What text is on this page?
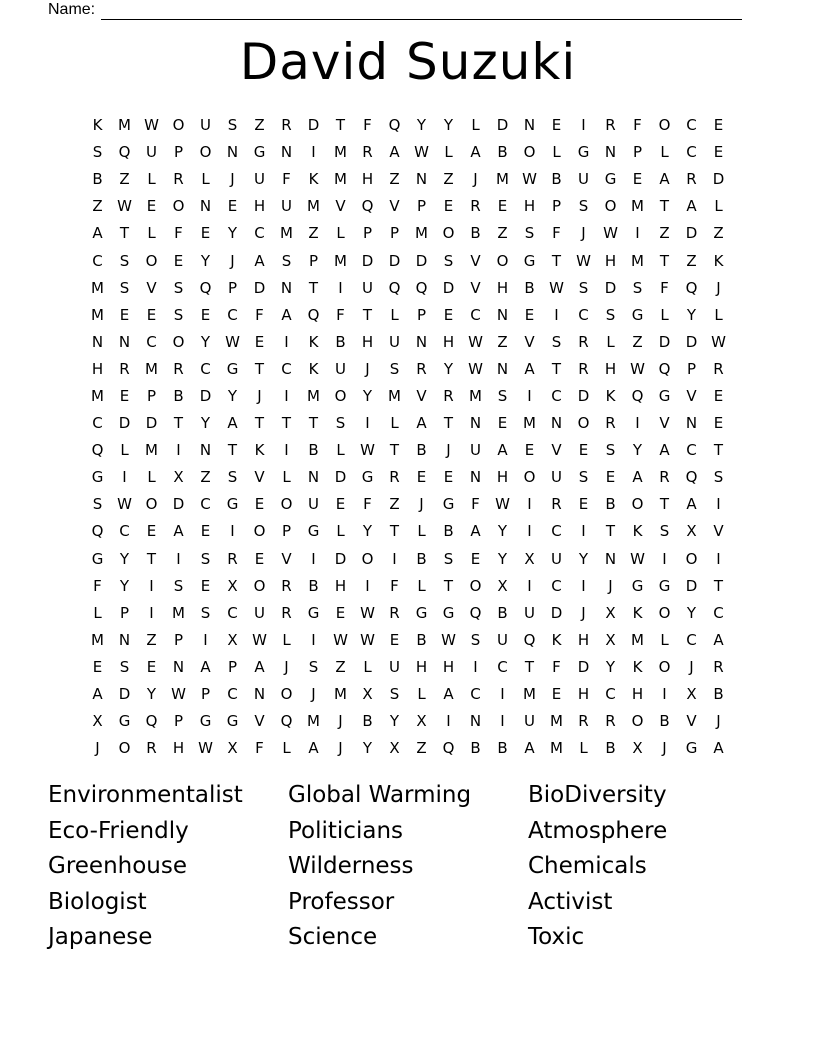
Name:
David Suzuki
K	M W O	U	S	Z	R	D	T	F	Q	Y	Y	L	D	N	E	I	R	F	O	C	E
S	Q	U	P	O	N	G	N	I	M	R	A W	L	A	B	O	L	G	N	P	L	C	E
B	Z	L	R	L	J	U	F	K	M H	Z	N	Z	J	M W B	U	G	E	A	R	D
Z W E	O	N	E	H	U	M	V	Q	V	P	E	R	E	H	P	S	O M	T	A	L
A	T	L	F	E	Y	C	M	Z	L	P	P	M O	B	Z	S	F	J	W	I	Z	D	Z
C	S	O	E	Y	J	A	S	P	M D	D	D	S	V	O	G	T	W H M	T	Z	K
M	S	V	S	Q	P	D	N	T	I	U	Q	Q	D	V	H	B W S	D	S	F	Q	J
M	E	E	S	E	C	F	A	Q	F	T	L	P	E	C	N	E	I	C	S	G	L	Y	L
N	N	C	O	Y	W E	I	K	B	H	U	N	H W Z	V	S	R	L	Z	D	D W
H	R	M	R	C	G	T	C	K	U	J	S	R	Y	W N	A	T	R	H W Q	P	R
M	E	P	B	D	Y	J	I	M O	Y	M	V	R	M	S	I	C	D	K	Q	G	V	E
C	D	D	T	Y	A	T	T	T	S	I	L	A	T	N	E	M N	O	R	I	V	N	E
Q	L	M	I	N	T	K	I	B	L	W T	B	J	U	A	E	V	E	S	Y	A	C	T
G	I	L	X	Z	S	V	L	N	D	G	R	E	E	N	H	O	U	S	E	A	R	Q	S
S W O	D	C	G	E	O	U	E	F	Z	J	G	F	W	I	R	E	B	O	T	A	I
Q	C	E	A	E	I	O	P	G	L	Y	T	L	B	A	Y	I	C	I	T	K	S	X	V
G	Y	T	I	S	R	E	V	I	D	O	I	B	S	E	Y	X	U	Y	N W	I	O	I
F	Y	I	S	E	X	O	R	B	H	I	F	L	T	O	X	I	C	I	J	G	G	D	T
L	P	I	M	S	C	U	R	G	E W R	G	G	Q	B	U	D	J	X	K	O	Y	C
M N	Z	P	I	X W	L	I	W W E	B W S	U	Q	K	H	X	M	L	C	A
E	S	E	N	A	P	A	J	S	Z	L	U	H	H	I	C	T	F	D	Y	K	O	J	R
A	D	Y	W	P	C	N	O	J	M	X	S	L	A	C	I	M	E	H	C	H	I	X	B
X	G	Q	P	G	G	V	Q M	J	B	Y	X	I	N	I	U	M	R	R	O	B	V	J
J	O	R	H W X	F	L	A	J	Y	X	Z	Q	B	B	A	M	L	B	X	J	G	A
Environmentalist	Global Warming	BioDiversity
Eco-Friendly	Politicians	Atmosphere
Greenhouse	Wilderness	Chemicals
Biologist	Professor	Activist
Japanese	Science	Toxic
